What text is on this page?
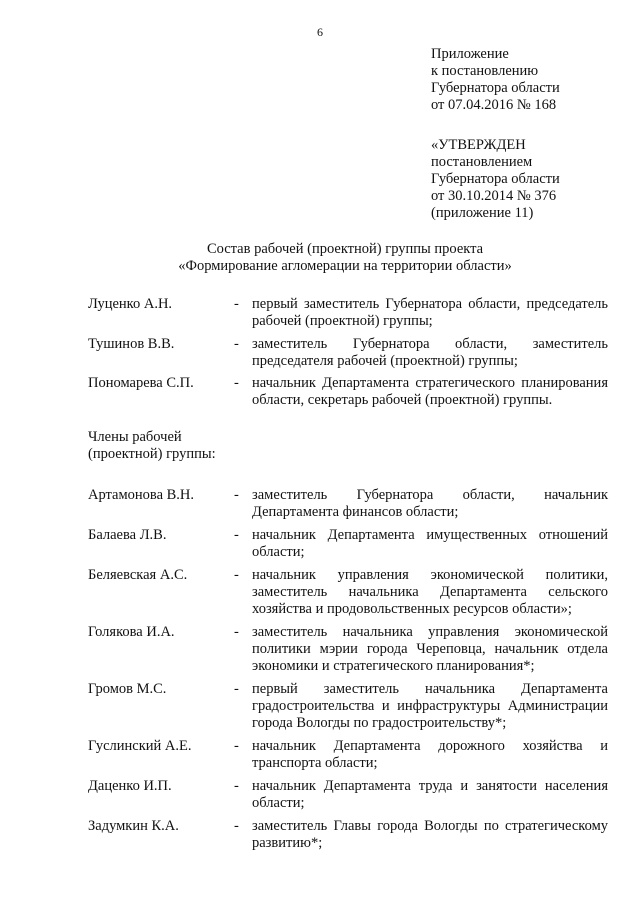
6
Приложение
к постановлению
Губернатора области
от 07.04.2016 № 168
«УТВЕРЖДЕН
постановлением
Губернатора области
от 30.10.2014 № 376
(приложение 11)
Состав рабочей (проектной) группы проекта
«Формирование агломерации на территории области»
Луценко А.Н.	- первый заместитель Губернатора области, председатель рабочей (проектной) группы;
Тушинов В.В.	- заместитель Губернатора области, заместитель председателя рабочей (проектной) группы;
Пономарева С.П.	- начальник Департамента стратегического планирования области, секретарь рабочей (проектной) группы.
Члены рабочей (проектной) группы:
Артамонова В.Н.	- заместитель Губернатора области, начальник Департамента финансов области;
Балаева Л.В.	- начальник Департамента имущественных отношений области;
Беляевская А.С.	- начальник управления экономической политики, заместитель начальника Департамента сельского хозяйства и продовольственных ресурсов области»;
Голякова И.А.	- заместитель начальника управления экономической политики мэрии города Череповца, начальник отдела экономики и стратегического планирования*;
Громов М.С.	- первый заместитель начальника Департамента градостроительства и инфраструктуры Администрации города Вологды по градостроительству*;
Гуслинский А.Е.	- начальник Департамента дорожного хозяйства и транспорта области;
Даценко И.П.	- начальник Департамента труда и занятости населения области;
Задумкин К.А.	- заместитель Главы города Вологды по стратегическому развитию*;
